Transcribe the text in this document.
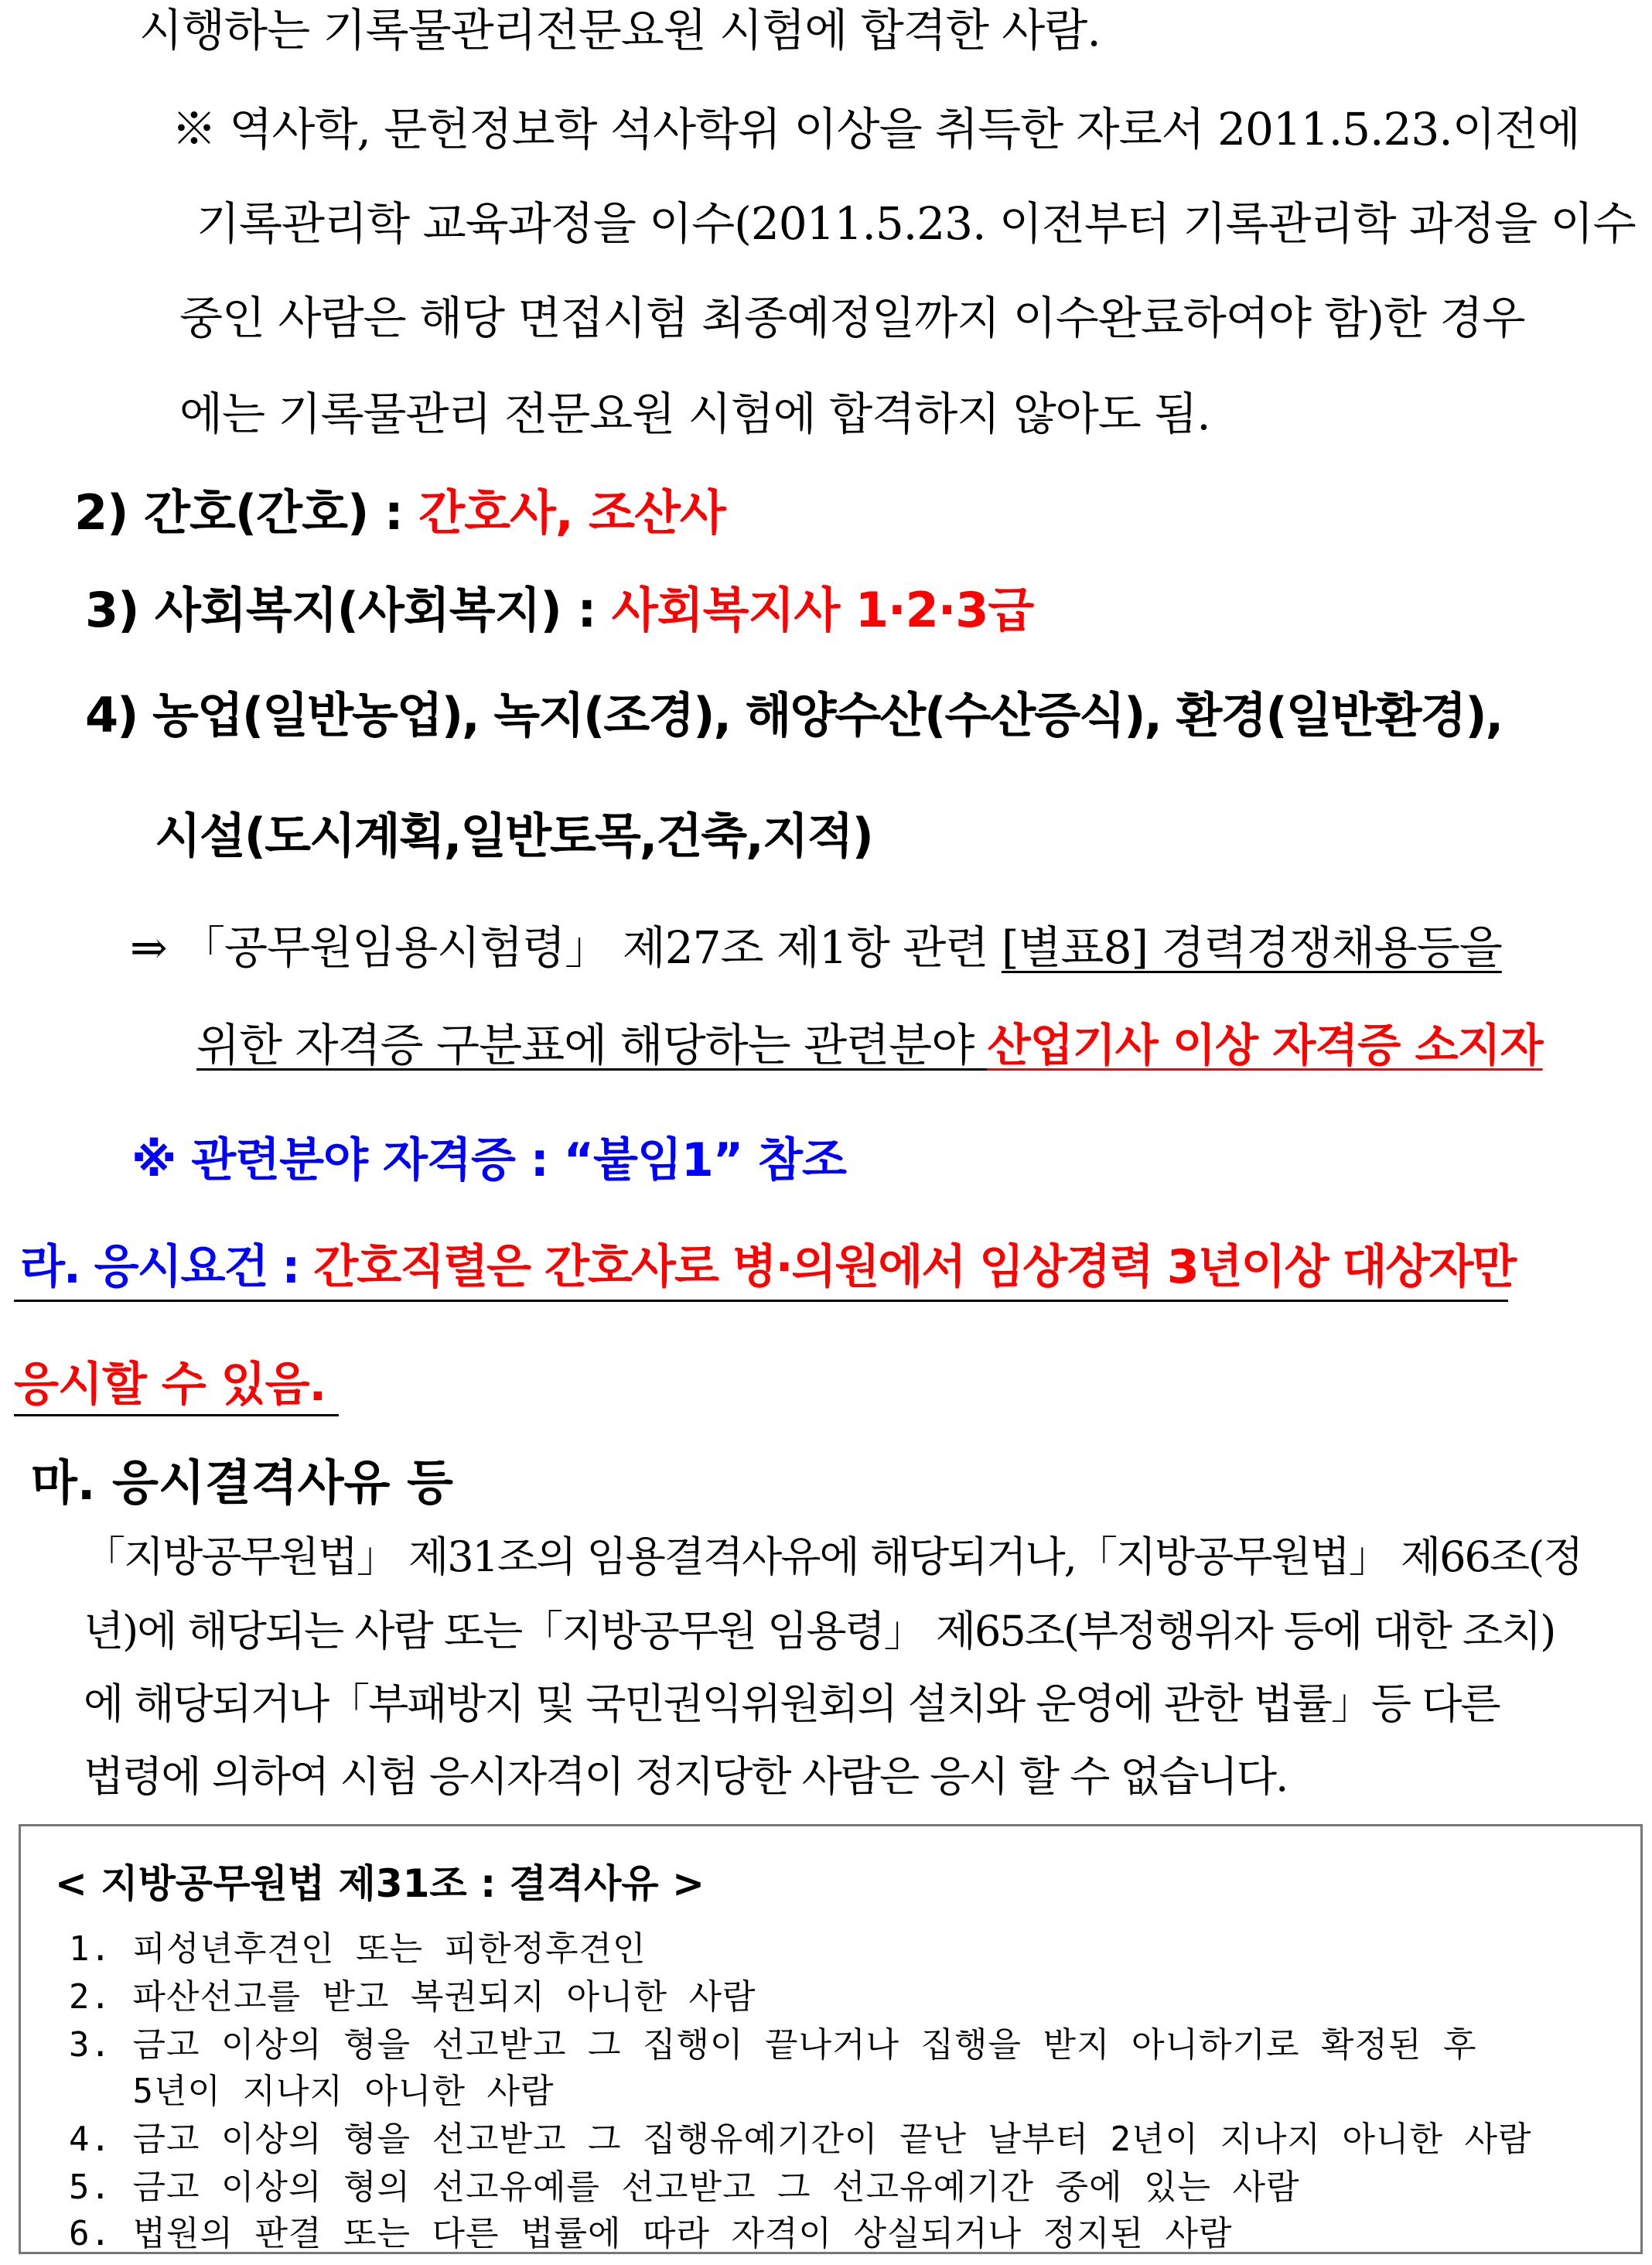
시행하는 기록물관리전문요원 시험에 합격한 사람.
※ 역사학, 문헌정보학 석사학위 이상을 취득한 자로서 2011.5.23.이전에
기록관리학 교육과정을 이수(2011.5.23. 이전부터 기록관리학 과정을 이수
중인 사람은 해당 면접시험 최종예정일까지 이수완료하여야 함)한 경우
에는 기록물관리 전문요원 시험에 합격하지 않아도 됨.
2) 간호(간호) : 간호사, 조산사
3) 사회복지(사회복지) : 사회복지사 1·2·3급
4) 농업(일반농업), 녹지(조경), 해양수산(수산증식), 환경(일반환경),
시설(도시계획,일반토목,건축,지적)
⇒ 「공무원임용시험령」 제27조 제1항 관련 [별표8] 경력경쟁채용등을
위한 자격증 구분표에 해당하는 관련분야 산업기사 이상 자격증 소지자
※ 관련분야 자격증 : “붙임1” 참조
라. 응시요건 : 간호직렬은 간호사로 병·의원에서 임상경력 3년이상 대상자만
응시할 수 있음.
마. 응시결격사유 등
「지방공무원법」 제31조의 임용결격사유에 해당되거나,「지방공무원법」 제66조(정
년)에 해당되는 사람 또는「지방공무원 임용령」 제65조(부정행위자 등에 대한 조치)
에 해당되거나「부패방지 및 국민권익위원회의 설치와 운영에 관한 법률」등 다른
법령에 의하여 시험 응시자격이 정지당한 사람은 응시 할 수 없습니다.
< 지방공무원법 제31조 : 결격사유 >
1. 피성년후견인 또는 피한정후견인
2. 파산선고를 받고 복권되지 아니한 사람
3. 금고 이상의 형을 선고받고 그 집행이 끝나거나 집행을 받지 아니하기로 확정된 후
5년이 지나지 아니한 사람
4. 금고 이상의 형을 선고받고 그 집행유예기간이 끝난 날부터 2년이 지나지 아니한 사람
5. 금고 이상의 형의 선고유예를 선고받고 그 선고유예기간 중에 있는 사람
6. 법원의 판결 또는 다른 법률에 따라 자격이 상실되거나 정지된 사람
